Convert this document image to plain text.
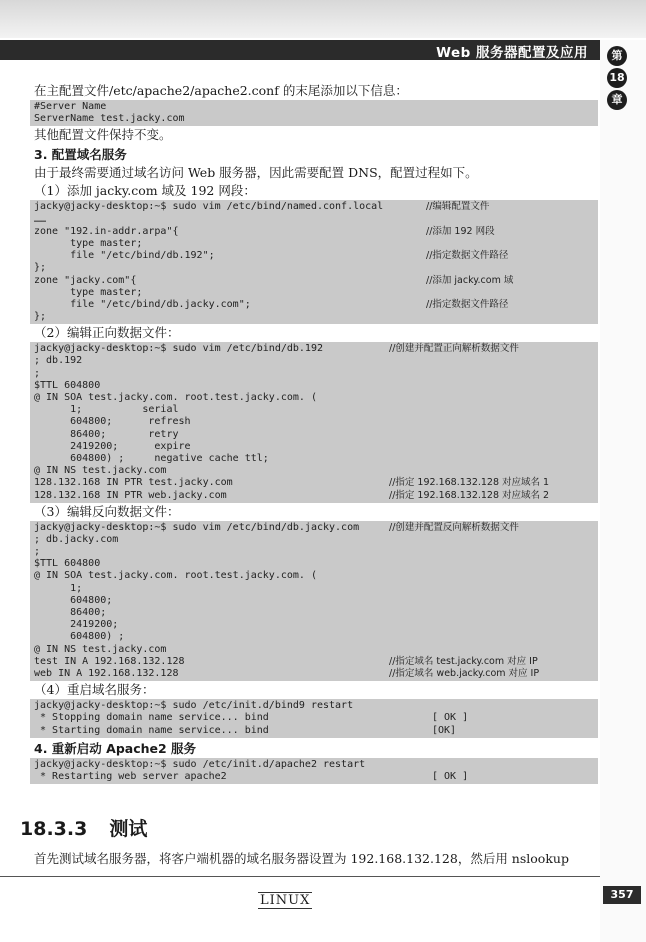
Web 服务器配置及应用	第
18
章

在主配置文件/etc/apache2/apache2.conf 的末尾添加以下信息：

#Server Name
ServerName test.jacky.com

其他配置文件保持不变。

3. 配置域名服务

由于最终需要通过域名访问 Web 服务器，因此需要配置 DNS，配置过程如下。

（1）添加 jacky.com 域及 192 网段：

jacky@jacky-desktop:~$ sudo vim /etc/bind/named.conf.local	//编辑配置文件
……
zone "192.in-addr.arpa"{	//添加 192 网段
type master;
file "/etc/bind/db.192";	//指定数据文件路径
};
zone "jacky.com"{	//添加 jacky.com 域
type master;
file "/etc/bind/db.jacky.com";	//指定数据文件路径
};

（2）编辑正向数据文件：

jacky@jacky-desktop:~$ sudo vim /etc/bind/db.192	//创建并配置正向解析数据文件
; db.192
;
$TTL 604800
@ IN SOA test.jacky.com. root.test.jacky.com. (
1;          serial
604800;      refresh
86400;       retry
2419200;      expire
604800) ;     negative cache ttl;
@ IN NS test.jacky.com
128.132.168 IN PTR test.jacky.com	//指定 192.168.132.128 对应域名 1
128.132.168 IN PTR web.jacky.com	//指定 192.168.132.128 对应域名 2

（3）编辑反向数据文件：

jacky@jacky-desktop:~$ sudo vim /etc/bind/db.jacky.com	//创建并配置反向解析数据文件
; db.jacky.com
;
$TTL 604800
@ IN SOA test.jacky.com. root.test.jacky.com. (
1;
604800;
86400;
2419200;
604800) ;
@ IN NS test.jacky.com
test IN A 192.168.132.128	//指定域名 test.jacky.com 对应 IP
web IN A 192.168.132.128	//指定域名 web.jacky.com 对应 IP

（4）重启域名服务：

jacky@jacky-desktop:~$ sudo /etc/init.d/bind9 restart
* Stopping domain name service... bind	[ OK ]
* Starting domain name service... bind	[OK]

4. 重新启动 Apache2 服务

jacky@jacky-desktop:~$ sudo /etc/init.d/apache2 restart
* Restarting web server apache2	[ OK ]
18.3.3 测试
首先测试域名服务器，将客户端机器的域名服务器设置为 192.168.132.128，然后用 nslookup
LINUX	357
